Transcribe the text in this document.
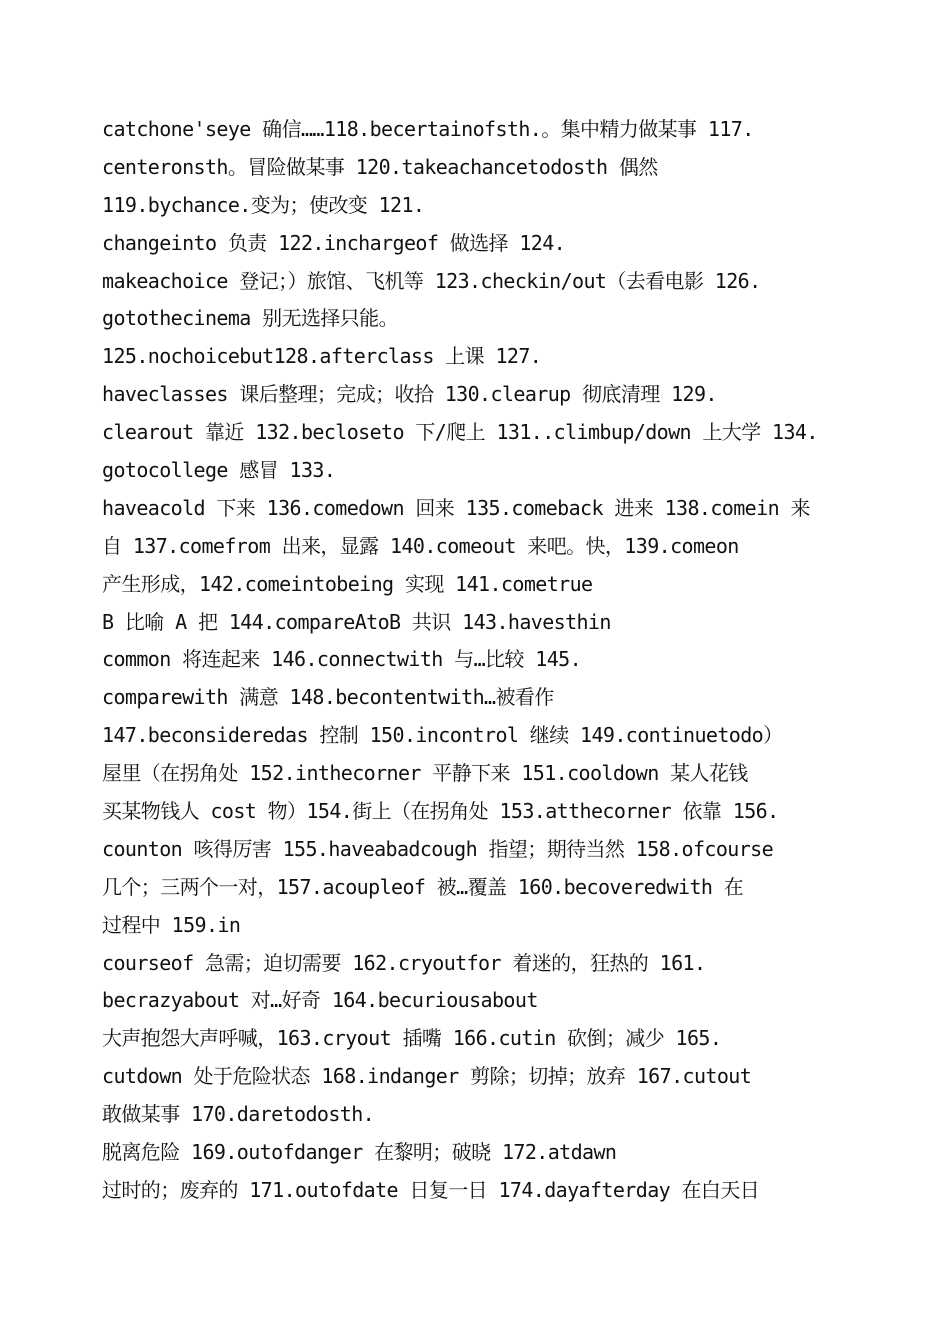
catchone'seye 确信……118.becertainofsth.。集中精力做某事 117.
centeronsth。冒险做某事 120.takeachancetodosth 偶然
119.bychance.变为；使改变 121.
changeinto 负责 122.inchargeof 做选择 124.
makeachoice 登记；）旅馆、飞机等 123.checkin/out（去看电影 126.
gotothecinema 别无选择只能。
125.nochoicebut128.afterclass 上课 127.
haveclasses 课后整理；完成；收拾 130.clearup 彻底清理 129.
clearout 靠近 132.becloseto 下/爬上 131..climbup/down 上大学 134.
gotocollege 感冒 133.
haveacold 下来 136.comedown 回来 135.comeback 进来 138.comein 来
自 137.comefrom 出来，显露 140.comeout 来吧。快，139.comeon
产生形成，142.comeintobeing 实现 141.cometrue
B 比喻 A 把 144.compareAtoB 共识 143.havesthin
common 将连起来 146.connectwith 与…比较 145.
comparewith 满意 148.becontentwith…被看作
147.beconsideredas 控制 150.incontrol 继续 149.continuetodo）
屋里（在拐角处 152.inthecorner 平静下来 151.cooldown 某人花钱
买某物钱人 cost 物）154.街上（在拐角处 153.atthecorner 依靠 156.
counton 咳得厉害 155.haveabadcough 指望；期待当然 158.ofcourse
几个；三两个一对，157.acoupleof 被…覆盖 160.becoveredwith 在
过程中 159.in
courseof 急需；迫切需要 162.cryoutfor 着迷的，狂热的 161.
becrazyabout 对…好奇 164.becuriousabout
大声抱怨大声呼喊，163.cryout 插嘴 166.cutin 砍倒；减少 165.
cutdown 处于危险状态 168.indanger 剪除；切掉；放弃 167.cutout
敢做某事 170.daretodosth.
脱离危险 169.outofdanger 在黎明；破晓 172.atdawn
过时的；废弃的 171.outofdate 日复一日 174.dayafterday 在白天日
